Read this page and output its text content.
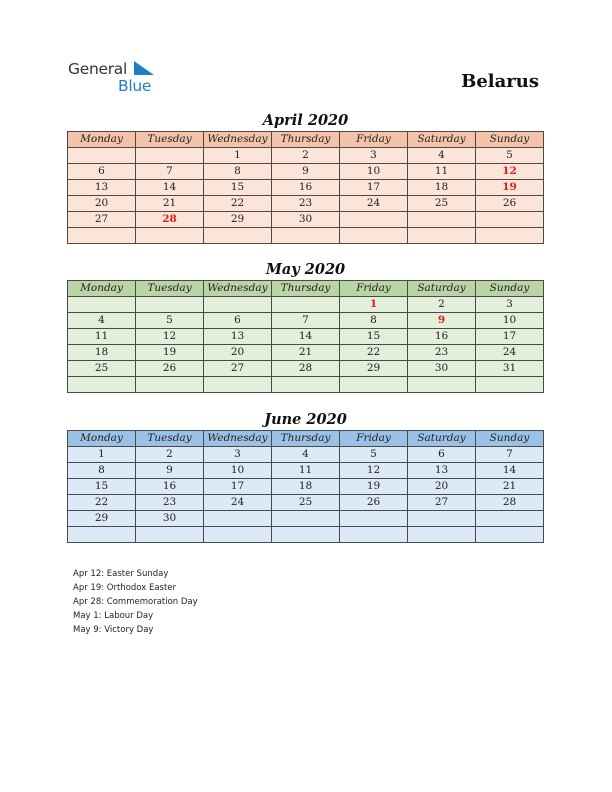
General
Blue	Belarus
April 2020
Monday	Tuesday	Wednesday	Thursday	Friday	Saturday	Sunday
		1	2	3	4	5
6	7	8	9	10	11	12
13	14	15	16	17	18	19
20	21	22	23	24	25	26
27	28	29	30			

May 2020
Monday	Tuesday	Wednesday	Thursday	Friday	Saturday	Sunday
				1	2	3
4	5	6	7	8	9	10
11	12	13	14	15	16	17
18	19	20	21	22	23	24
25	26	27	28	29	30	31

June 2020
Monday	Tuesday	Wednesday	Thursday	Friday	Saturday	Sunday
1	2	3	4	5	6	7
8	9	10	11	12	13	14
15	16	17	18	19	20	21
22	23	24	25	26	27	28
29	30					

Apr 12: Easter Sunday
Apr 19: Orthodox Easter
Apr 28: Commemoration Day
May 1: Labour Day
May 9: Victory Day
